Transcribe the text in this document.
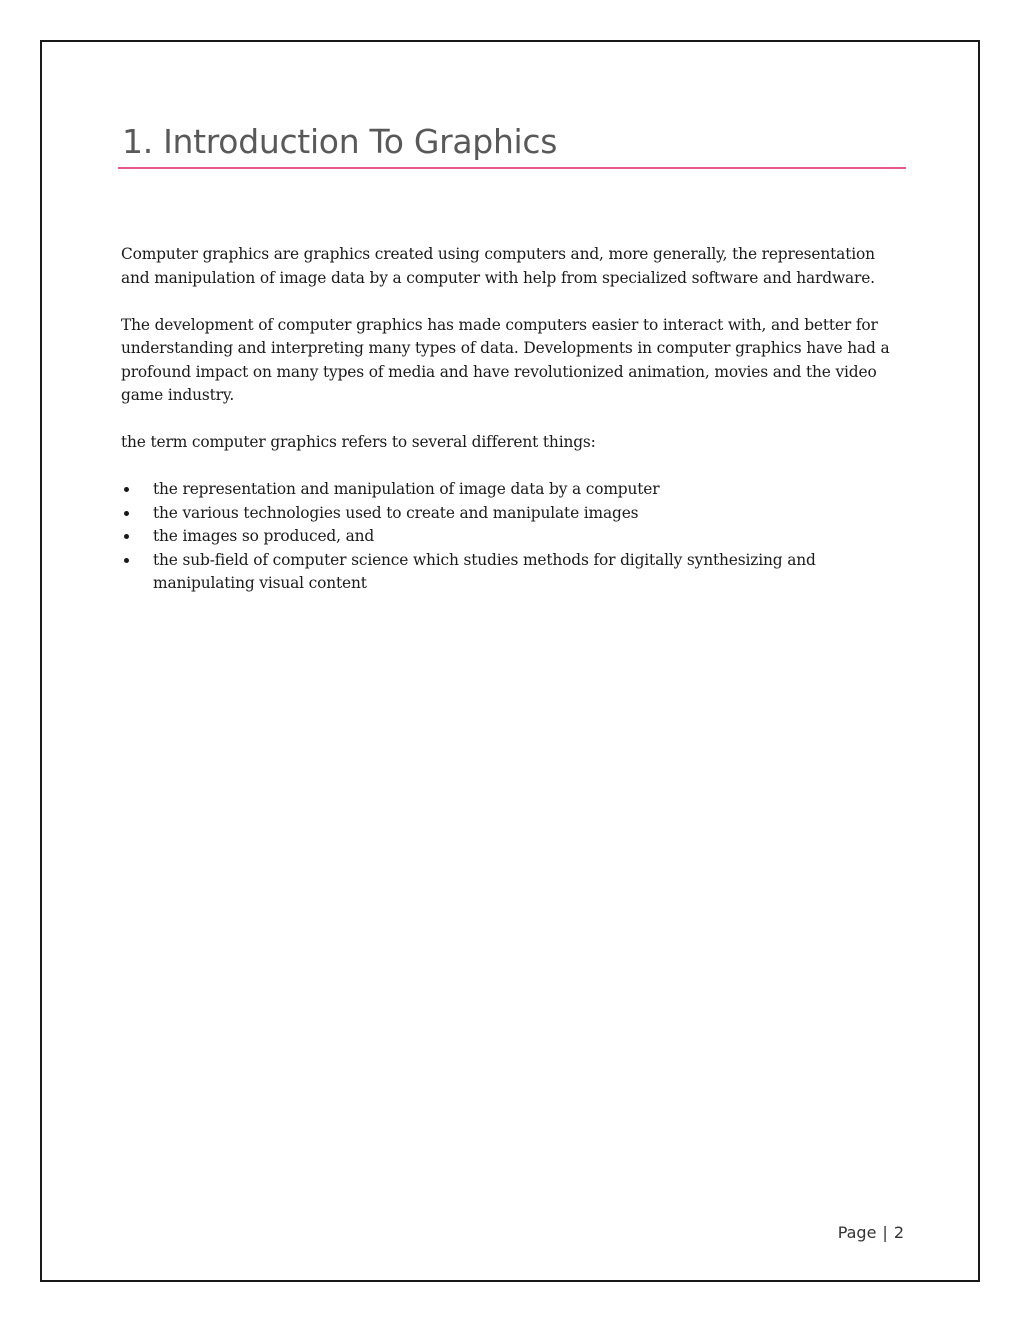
1. Introduction To Graphics

Computer graphics are graphics created using computers and, more generally, the representation and manipulation of image data by a computer with help from specialized software and hardware.

The development of computer graphics has made computers easier to interact with, and better for understanding and interpreting many types of data. Developments in computer graphics have had a profound impact on many types of media and have revolutionized animation, movies and the video game industry.

the term computer graphics refers to several different things:

the representation and manipulation of image data by a computer
the various technologies used to create and manipulate images
the images so produced, and
the sub-field of computer science which studies methods for digitally synthesizing and manipulating visual content
Page | 2
